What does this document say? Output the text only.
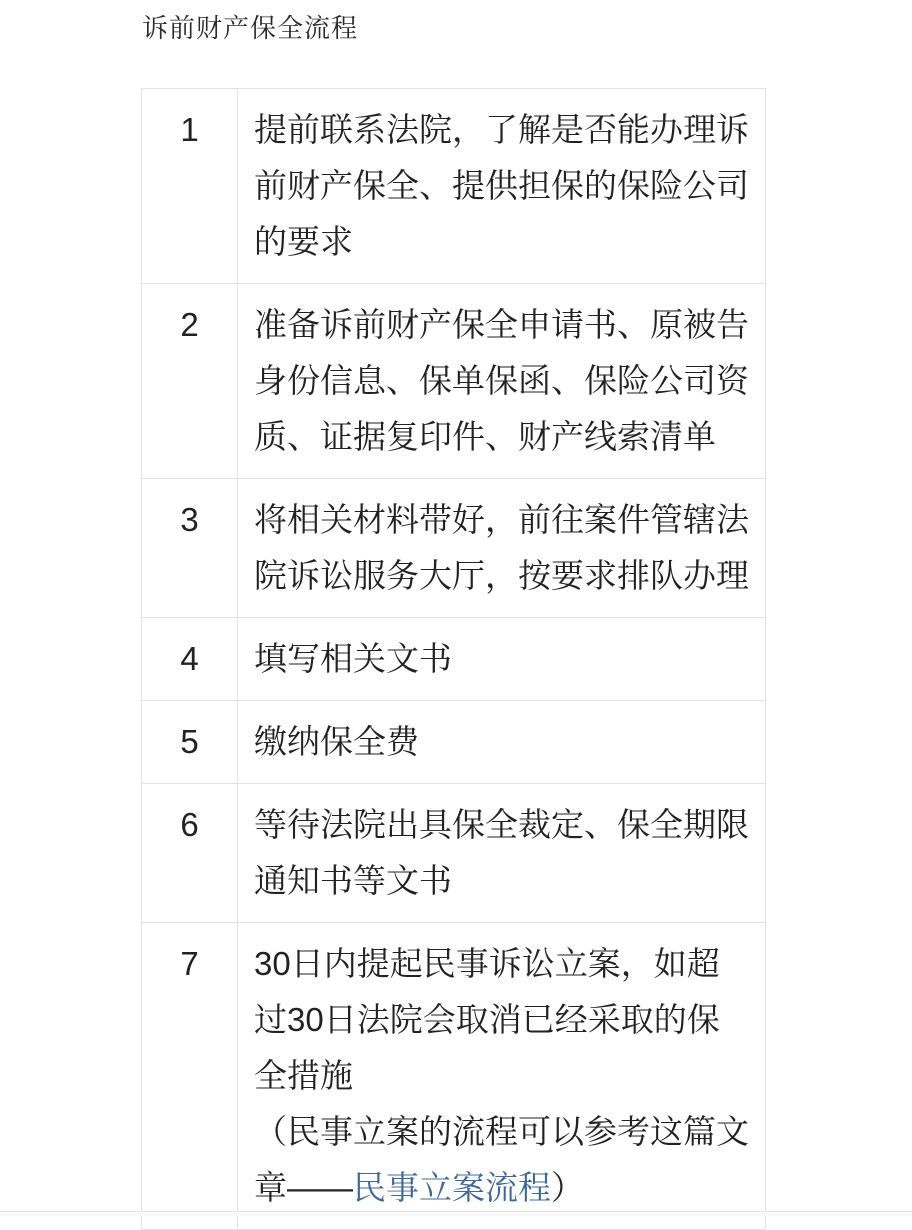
诉前财产保全流程
1	提前联系法院，了解是否能办理诉前财产保全、提供担保的保险公司的要求
2	准备诉前财产保全申请书、原被告身份信息、保单保函、保险公司资质、证据复印件、财产线索清单
3	将相关材料带好，前往案件管辖法院诉讼服务大厅，按要求排队办理
4	填写相关文书
5	缴纳保全费
6	等待法院出具保全裁定、保全期限通知书等文书
7	30日内提起民事诉讼立案，如超过30日法院会取消已经采取的保全措施
（民事立案的流程可以参考这篇文章——民事立案流程）
